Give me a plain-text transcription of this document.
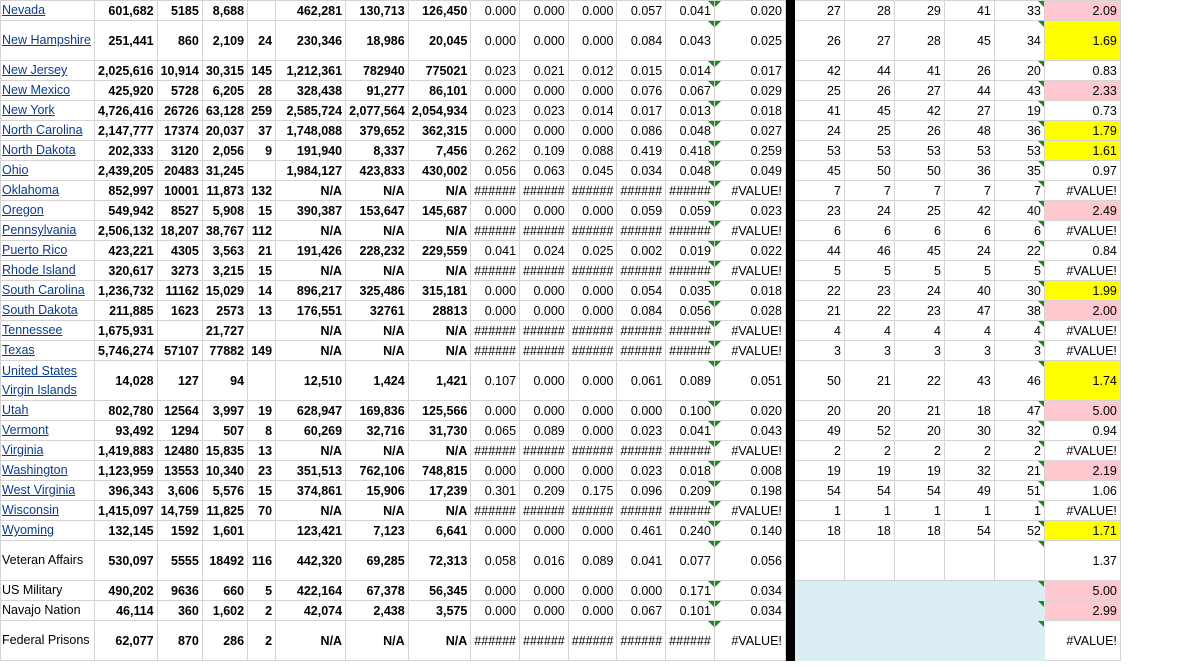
Nevada	601,682	5185	8,688		462,281	130,713	126,450	0.000	0.000	0.000	0.057	0.041	0.020		27	28	29	41	33	2.09
New Hampshire	251,441	860	2,109	24	230,346	18,986	20,045	0.000	0.000	0.000	0.084	0.043	0.025		26	27	28	45	34	1.69
New Jersey	2,025,616	10,914	30,315	145	1,212,361	782940	775021	0.023	0.021	0.012	0.015	0.014	0.017		42	44	41	26	20	0.83
New Mexico	425,920	5728	6,205	28	328,438	91,277	86,101	0.000	0.000	0.000	0.076	0.067	0.029		25	26	27	44	43	2.33
New York	4,726,416	26726	63,128	259	2,585,724	2,077,564	2,054,934	0.023	0.023	0.014	0.017	0.013	0.018		41	45	42	27	19	0.73
North Carolina	2,147,777	17374	20,037	37	1,748,088	379,652	362,315	0.000	0.000	0.000	0.086	0.048	0.027		24	25	26	48	36	1.79
North Dakota	202,333	3120	2,056	9	191,940	8,337	7,456	0.262	0.109	0.088	0.419	0.418	0.259		53	53	53	53	53	1.61
Ohio	2,439,205	20483	31,245		1,984,127	423,833	430,002	0.056	0.063	0.045	0.034	0.048	0.049		45	50	50	36	35	0.97
Oklahoma	852,997	10001	11,873	132	N/A	N/A	N/A	######	######	######	######	######	#VALUE!		7	7	7	7	7	#VALUE!
Oregon	549,942	8527	5,908	15	390,387	153,647	145,687	0.000	0.000	0.000	0.059	0.059	0.023		23	24	25	42	40	2.49
Pennsylvania	2,506,132	18,207	38,767	112	N/A	N/A	N/A	######	######	######	######	######	#VALUE!		6	6	6	6	6	#VALUE!
Puerto Rico	423,221	4305	3,563	21	191,426	228,232	229,559	0.041	0.024	0.025	0.002	0.019	0.022		44	46	45	24	22	0.84
Rhode Island	320,617	3273	3,215	15	N/A	N/A	N/A	######	######	######	######	######	#VALUE!		5	5	5	5	5	#VALUE!
South Carolina	1,236,732	11162	15,029	14	896,217	325,486	315,181	0.000	0.000	0.000	0.054	0.035	0.018		22	23	24	40	30	1.99
South Dakota	211,885	1623	2573	13	176,551	32761	28813	0.000	0.000	0.000	0.084	0.056	0.028		21	22	23	47	38	2.00
Tennessee	1,675,931		21,727		N/A	N/A	N/A	######	######	######	######	######	#VALUE!		4	4	4	4	4	#VALUE!
Texas	5,746,274	57107	77882	149	N/A	N/A	N/A	######	######	######	######	######	#VALUE!		3	3	3	3	3	#VALUE!
United States Virgin Islands	14,028	127	94		12,510	1,424	1,421	0.107	0.000	0.000	0.061	0.089	0.051		50	21	22	43	46	1.74
Utah	802,780	12564	3,997	19	628,947	169,836	125,566	0.000	0.000	0.000	0.000	0.100	0.020		20	20	21	18	47	5.00
Vermont	93,492	1294	507	8	60,269	32,716	31,730	0.065	0.089	0.000	0.023	0.041	0.043		49	52	20	30	32	0.94
Virginia	1,419,883	12480	15,835	13	N/A	N/A	N/A	######	######	######	######	######	#VALUE!		2	2	2	2	2	#VALUE!
Washington	1,123,959	13553	10,340	23	351,513	762,106	748,815	0.000	0.000	0.000	0.023	0.018	0.008		19	19	19	32	21	2.19
West Virginia	396,343	3,606	5,576	15	374,861	15,906	17,239	0.301	0.209	0.175	0.096	0.209	0.198		54	54	54	49	51	1.06
Wisconsin	1,415,097	14,759	11,825	70	N/A	N/A	N/A	######	######	######	######	######	#VALUE!		1	1	1	1	1	#VALUE!
Wyoming	132,145	1592	1,601		123,421	7,123	6,641	0.000	0.000	0.000	0.461	0.240	0.140		18	18	18	54	52	1.71
Veteran Affairs	530,097	5555	18492	116	442,320	69,285	72,313	0.058	0.016	0.089	0.041	0.077	0.056							1.37
US Military	490,202	9636	660	5	422,164	67,378	56,345	0.000	0.000	0.000	0.000	0.171	0.034							5.00
Navajo Nation	46,114	360	1,602	2	42,074	2,438	3,575	0.000	0.000	0.000	0.067	0.101	0.034							2.99
Federal Prisons	62,077	870	286	2	N/A	N/A	N/A	######	######	######	######	######	#VALUE!							#VALUE!
